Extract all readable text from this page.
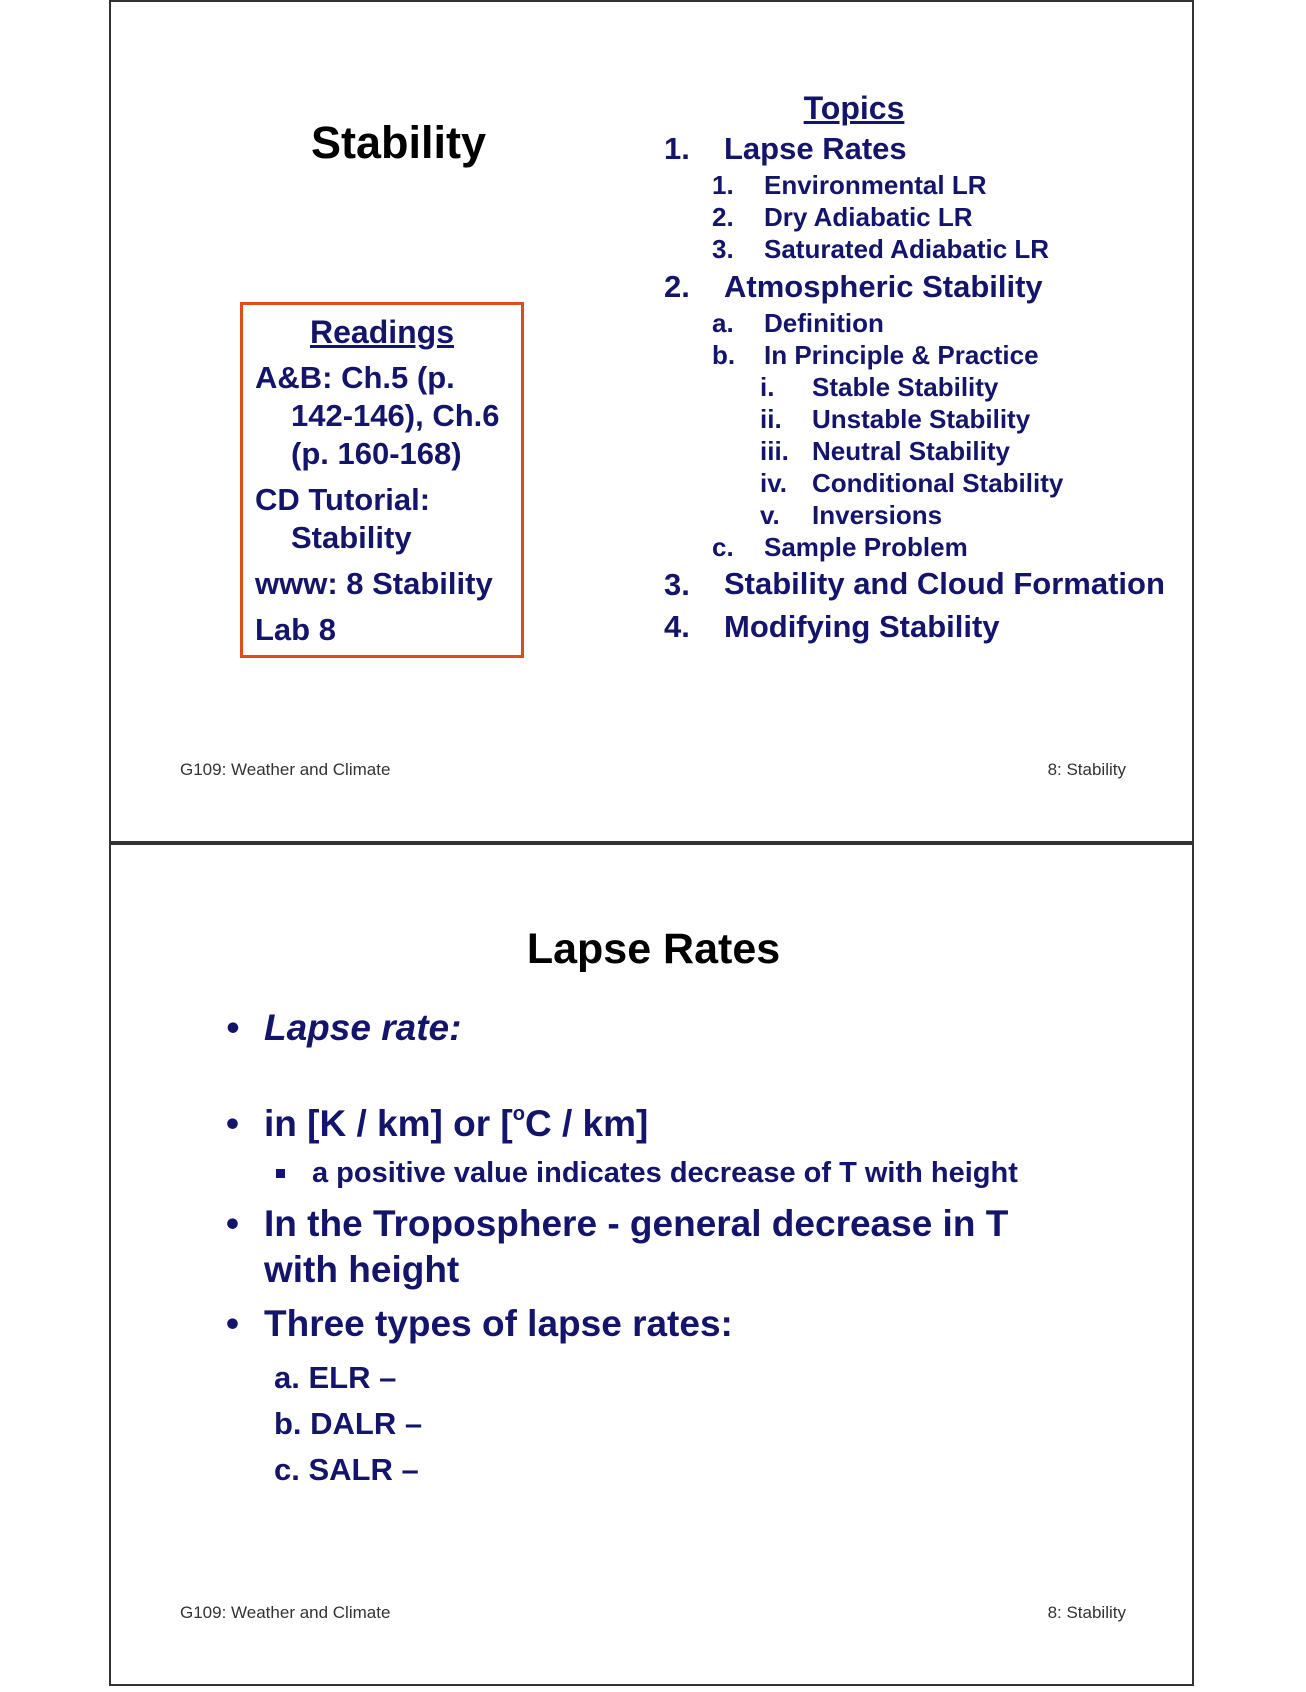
Stability
Readings
A&B: Ch.5 (p. 142-146), Ch.6 (p. 160-168)
CD Tutorial: Stability
www: 8 Stability
Lab 8
Topics
1.	Lapse Rates
1.	Environmental LR
2.	Dry Adiabatic LR
3.	Saturated Adiabatic LR
2.	Atmospheric Stability
a.	Definition
b.	In Principle & Practice
i.	Stable Stability
ii.	Unstable Stability
iii. Neutral Stability
iv. Conditional Stability
v.	Inversions
c.	Sample Problem
3.	Stability and Cloud Formation
4.	Modifying Stability
G109: Weather and Climate	8: Stability
Lapse Rates
• Lapse rate:
• in [K / km] or [$^o$C / km]
a positive value indicates decrease of T with height
• In the Troposphere - general decrease in T with height
• Three types of lapse rates:
a. ELR –
b. DALR –
c. SALR –
G109: Weather and Climate	8: Stability
